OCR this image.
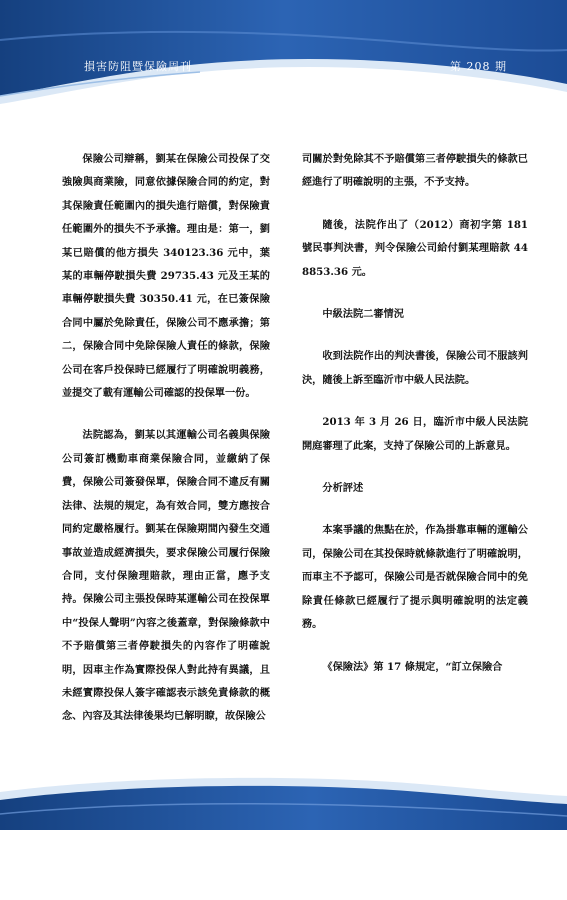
損害防阻暨保險周刊	第 208 期

保險公司辯稱，劉某在保險公司投保了交強險與商業險，同意依據保險合同的約定，對其保險責任範圍內的損失進行賠償，對保險責任範圍外的損失不予承擔。理由是：第一，劉某已賠償的他方損失 340123.36 元中，葉某的車輛停駛損失費 29735.43 元及王某的車輛停駛損失費 30350.41 元，在已簽保險合同中屬於免除責任，保險公司不應承擔；第二，保險合同中免除保險人責任的條款，保險公司在客戶投保時已經履行了明確說明義務，並提交了載有運輸公司確認的投保單一份。

法院認為，劉某以其運輸公司名義與保險公司簽訂機動車商業保險合同，並繳納了保費，保險公司簽發保單，保險合同不違反有關法律、法規的規定，為有效合同，雙方應按合同約定嚴格履行。劉某在保險期間內發生交通事故並造成經濟損失，要求保險公司履行保險合同，支付保險理賠款，理由正當，應予支持。保險公司主張投保時某運輸公司在投保單中“投保人聲明”內容之後蓋章，對保險條款中不予賠償第三者停駛損失的內容作了明確說明，因車主作為實際投保人對此持有異議，且未經實際投保人簽字確認表示該免責條款的概念、內容及其法律後果均已解明瞭，故保險公

司關於對免除其不予賠償第三者停駛損失的條款已經進行了明確說明的主張，不予支持。

隨後，法院作出了（2012）商初字第 181 號民事判決書，判令保險公司給付劉某理賠款 448853.36 元。

中級法院二審情況

收到法院作出的判決書後，保險公司不服該判決，隨後上訴至臨沂市中級人民法院。

2013 年 3 月 26 日，臨沂市中級人民法院開庭審理了此案，支持了保險公司的上訴意見。

分析評述

本案爭議的焦點在於，作為掛靠車輛的運輸公司，保險公司在其投保時就條款進行了明確說明，而車主不予認可，保險公司是否就保險合同中的免除責任條款已經履行了提示與明確說明的法定義務。

《保險法》第 17 條規定，“訂立保險合
